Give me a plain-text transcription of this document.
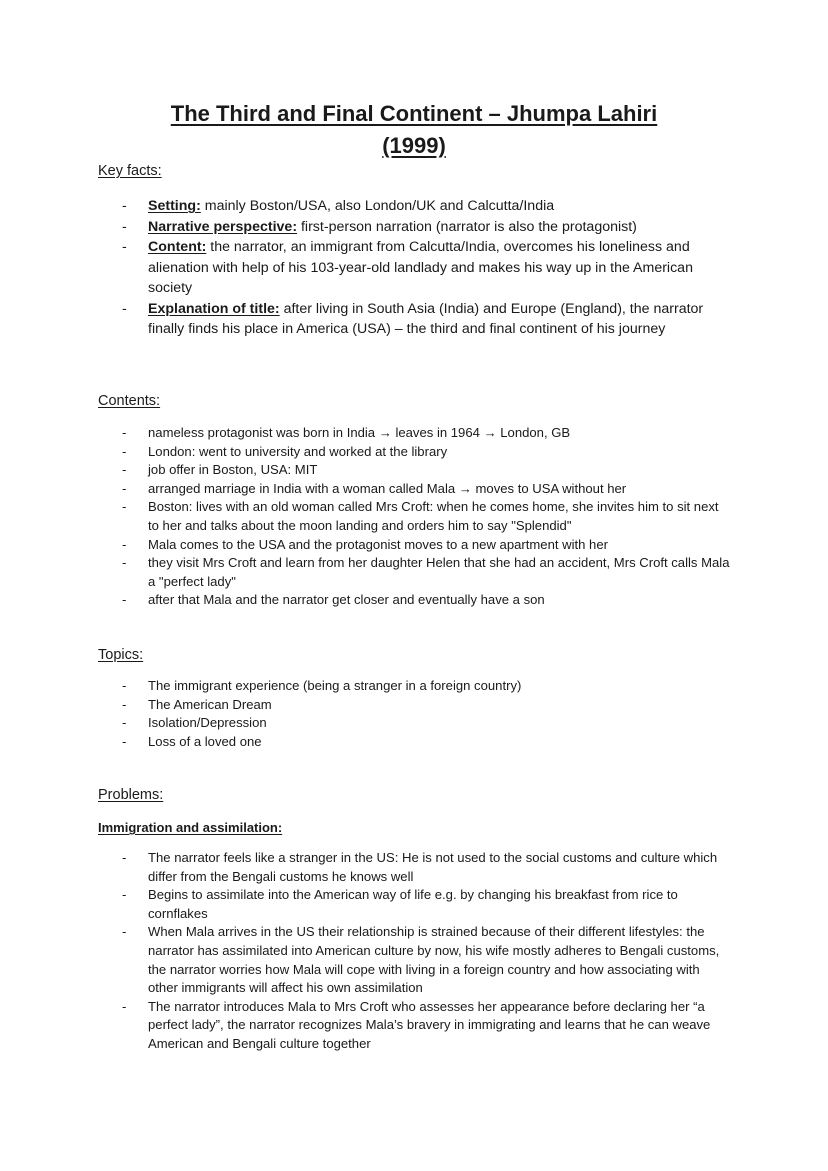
The Third and Final Continent – Jhumpa Lahiri
(1999)
Key facts:
- Setting: mainly Boston/USA, also London/UK and Calcutta/India
- Narrative perspective: first-person narration (narrator is also the protagonist)
- Content: the narrator, an immigrant from Calcutta/India, overcomes his loneliness and alienation with help of his 103-year-old landlady and makes his way up in the American society
- Explanation of title: after living in South Asia (India) and Europe (England), the narrator finally finds his place in America (USA) – the third and final continent of his journey
Contents:
- nameless protagonist was born in India → leaves in 1964 → London, GB
- London: went to university and worked at the library
- job offer in Boston, USA: MIT
- arranged marriage in India with a woman called Mala → moves to USA without her
- Boston: lives with an old woman called Mrs Croft: when he comes home, she invites him to sit next to her and talks about the moon landing and orders him to say "Splendid"
- Mala comes to the USA and the protagonist moves to a new apartment with her
- they visit Mrs Croft and learn from her daughter Helen that she had an accident, Mrs Croft calls Mala a "perfect lady"
- after that Mala and the narrator get closer and eventually have a son
Topics:
- The immigrant experience (being a stranger in a foreign country)
- The American Dream
- Isolation/Depression
- Loss of a loved one
Problems:
Immigration and assimilation:
- The narrator feels like a stranger in the US: He is not used to the social customs and culture which differ from the Bengali customs he knows well
- Begins to assimilate into the American way of life e.g. by changing his breakfast from rice to cornflakes
- When Mala arrives in the US their relationship is strained because of their different lifestyles: the narrator has assimilated into American culture by now, his wife mostly adheres to Bengali customs, the narrator worries how Mala will cope with living in a foreign country and how associating with other immigrants will affect his own assimilation
- The narrator introduces Mala to Mrs Croft who assesses her appearance before declaring her “a perfect lady”, the narrator recognizes Mala’s bravery in immigrating and learns that he can weave American and Bengali culture together
